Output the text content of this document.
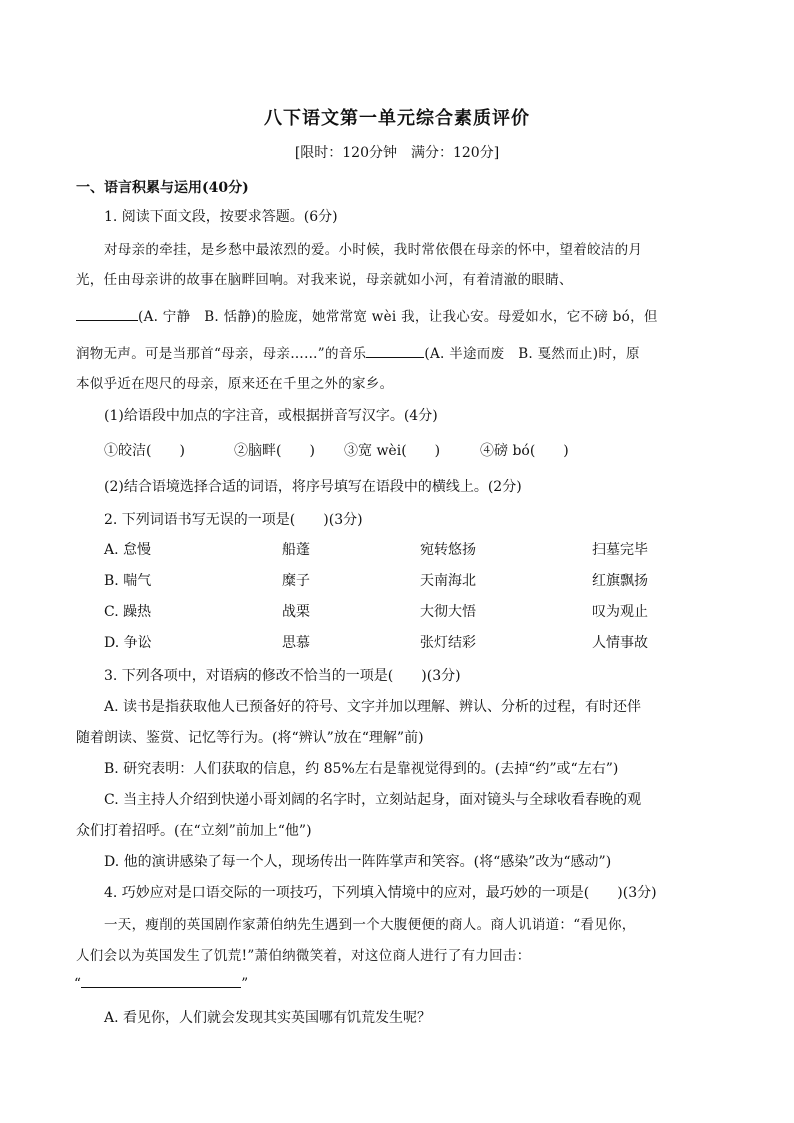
八下语文第一单元综合素质评价
[限时：120分钟　满分：120分]
一、语言积累与运用(40分)
1. 阅读下面文段，按要求答题。(6分)
对母亲的牵挂，是乡愁中最浓烈的爱。小时候，我时常依偎在母亲的怀中，望着皎洁的月
光，任由母亲讲的故事在脑畔回响。对我来说，母亲就如小河，有着清澈的眼睛、
(A. 宁静　B. 恬静)的脸庞，她常常宽 wèi 我，让我心安。母爱如水，它不磅 bó，但
润物无声。可是当那首“母亲，母亲……”的音乐	(A. 半途而废　B. 戛然而止)时，原
本似乎近在咫尺的母亲，原来还在千里之外的家乡。
(1)给语段中加点的字注音，或根据拼音写汉字。(4分)
①皎洁(　　)	②脑畔(　　) ③宽 wèi(　　)	④磅 bó(　　)
(2)结合语境选择合适的词语，将序号填写在语段中的横线上。(2分)
2. 下列词语书写无误的一项是(　　)(3分)
A. 怠慢	船蓬	宛转悠扬	扫墓完毕
B. 喘气	糜子	天南海北	红旗飘扬
C. 躁热	战栗	大彻大悟	叹为观止
D. 争讼	思慕	张灯结彩	人情事故
3. 下列各项中，对语病的修改不恰当的一项是(　　)(3分)
A. 读书是指获取他人已预备好的符号、文字并加以理解、辨认、分析的过程，有时还伴
随着朗读、鉴赏、记忆等行为。(将“辨认”放在“理解”前)
B. 研究表明：人们获取的信息，约 85%左右是靠视觉得到的。(去掉“约”或“左右”)
C. 当主持人介绍到快递小哥刘阔的名字时，立刻站起身，面对镜头与全球收看春晚的观
众们打着招呼。(在“立刻”前加上“他”)
D. 他的演讲感染了每一个人，现场传出一阵阵掌声和笑容。(将“感染”改为“感动”)
4. 巧妙应对是口语交际的一项技巧，下列填入情境中的应对，最巧妙的一项是(　　)(3分)
一天，瘦削的英国剧作家萧伯纳先生遇到一个大腹便便的商人。商人讥诮道：“看见你，
人们会以为英国发生了饥荒!”萧伯纳微笑着，对这位商人进行了有力回击：
“	”
A. 看见你，人们就会发现其实英国哪有饥荒发生呢？
